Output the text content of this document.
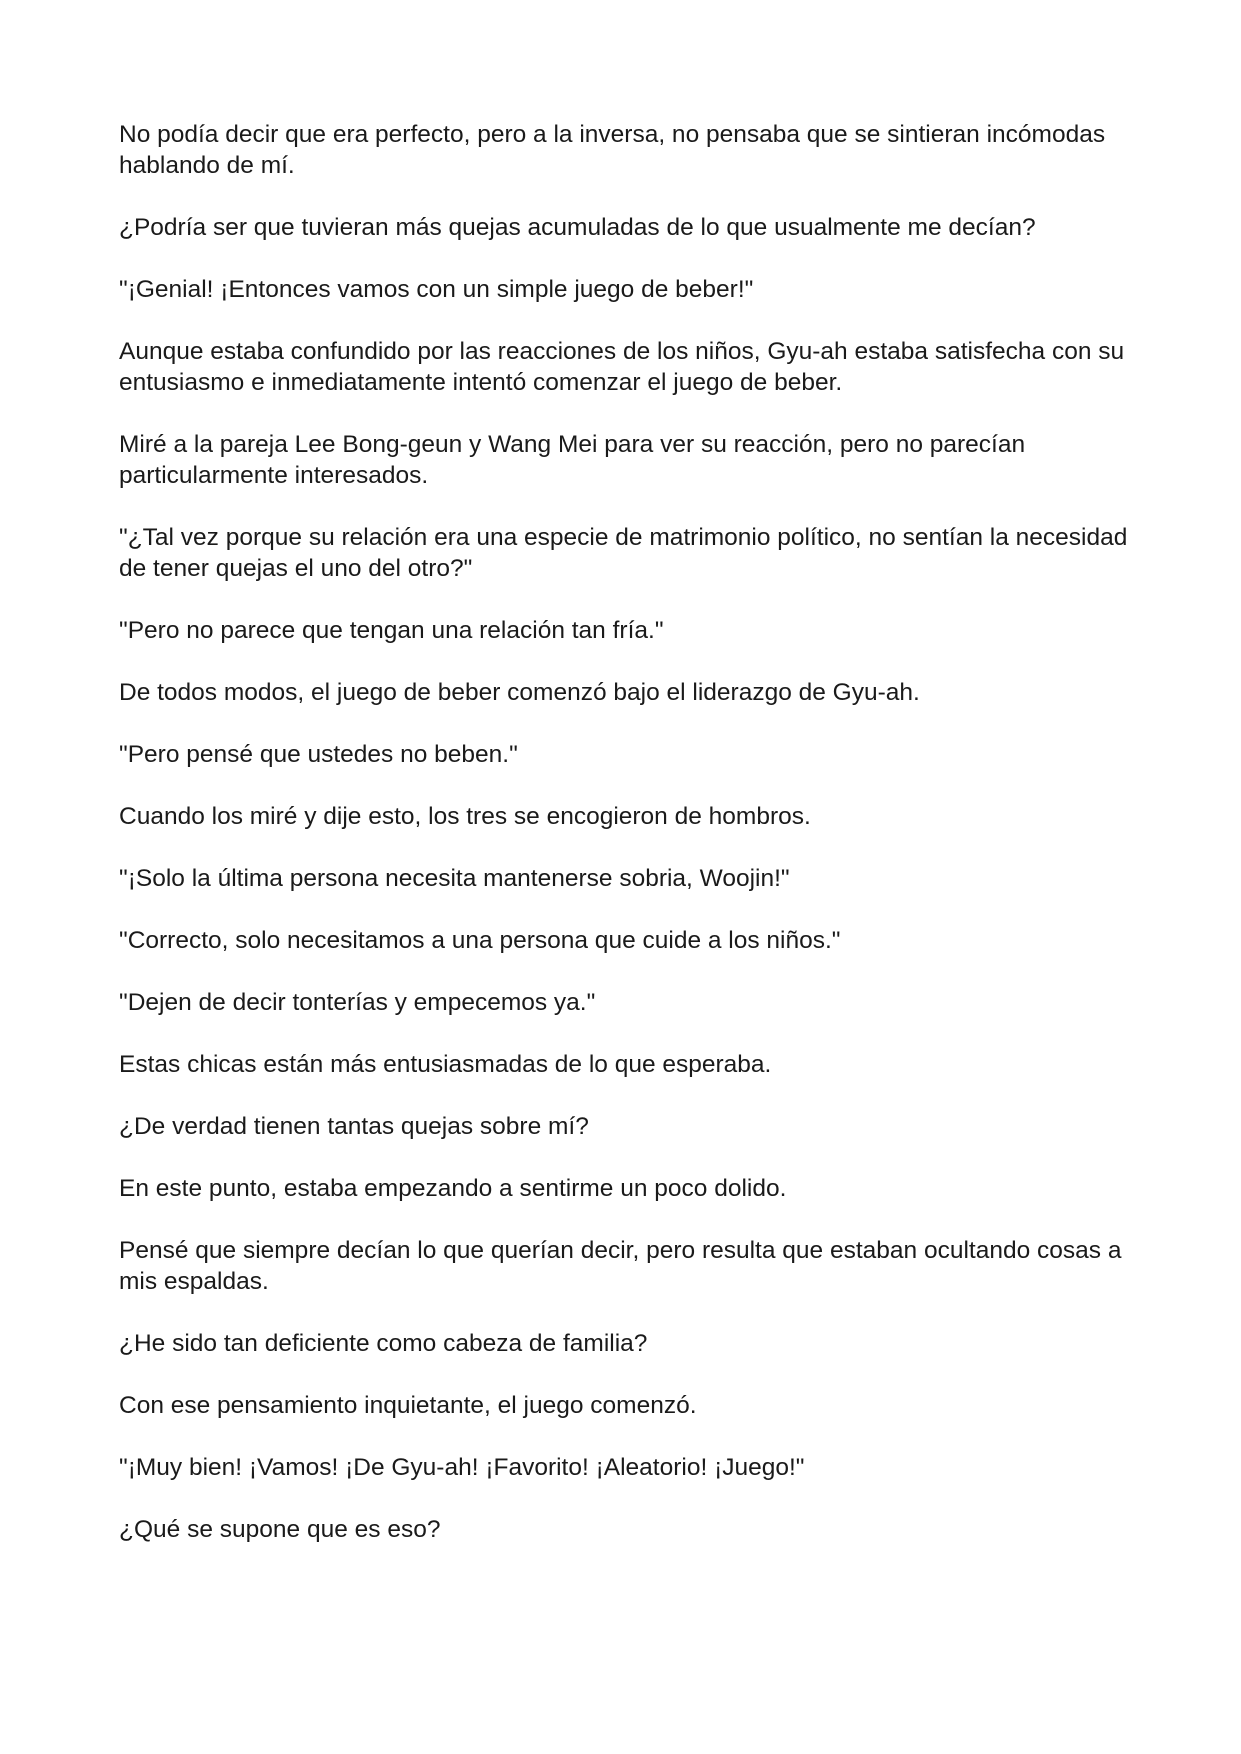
No podía decir que era perfecto, pero a la inversa, no pensaba que se sintieran incómodas hablando de mí.

¿Podría ser que tuvieran más quejas acumuladas de lo que usualmente me decían?

"¡Genial! ¡Entonces vamos con un simple juego de beber!"

Aunque estaba confundido por las reacciones de los niños, Gyu-ah estaba satisfecha con su entusiasmo e inmediatamente intentó comenzar el juego de beber.

Miré a la pareja Lee Bong-geun y Wang Mei para ver su reacción, pero no parecían particularmente interesados.

"¿Tal vez porque su relación era una especie de matrimonio político, no sentían la necesidad de tener quejas el uno del otro?"

"Pero no parece que tengan una relación tan fría."

De todos modos, el juego de beber comenzó bajo el liderazgo de Gyu-ah.

"Pero pensé que ustedes no beben."

Cuando los miré y dije esto, los tres se encogieron de hombros.

"¡Solo la última persona necesita mantenerse sobria, Woojin!"

"Correcto, solo necesitamos a una persona que cuide a los niños."

"Dejen de decir tonterías y empecemos ya."

Estas chicas están más entusiasmadas de lo que esperaba.

¿De verdad tienen tantas quejas sobre mí?

En este punto, estaba empezando a sentirme un poco dolido.

Pensé que siempre decían lo que querían decir, pero resulta que estaban ocultando cosas a mis espaldas.

¿He sido tan deficiente como cabeza de familia?

Con ese pensamiento inquietante, el juego comenzó.

"¡Muy bien! ¡Vamos! ¡De Gyu-ah! ¡Favorito! ¡Aleatorio! ¡Juego!"

¿Qué se supone que es eso?
